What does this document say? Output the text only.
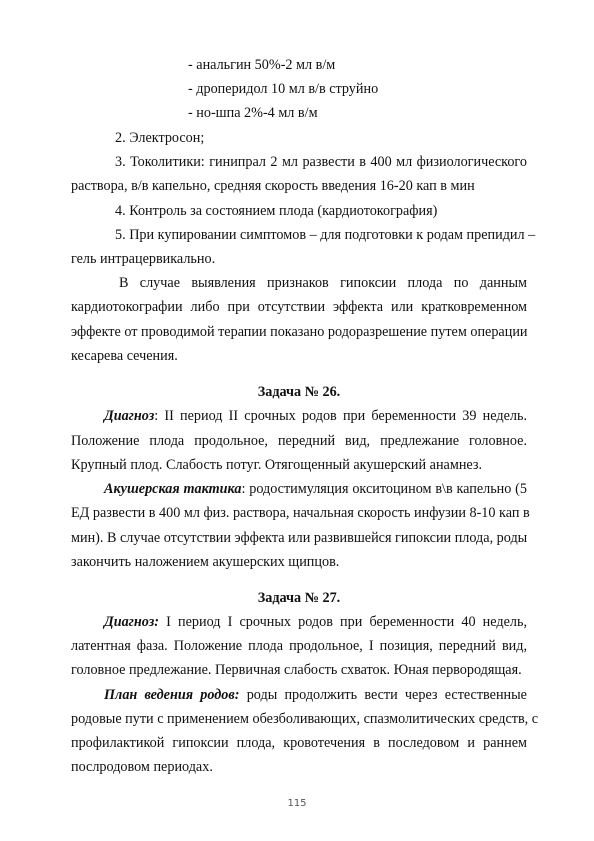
- анальгин 50%-2 мл в/м
- дроперидол 10 мл в/в струйно
- но-шпа 2%-4 мл в/м
2. Электросон;
3. Токолитики: гинипрал 2 мл развести в 400 мл физиологического
раствора, в/в капельно, средняя скорость введения 16-20 кап в мин
4. Контроль за состоянием плода (кардиотокография)
5. При купировании симптомов – для подготовки к родам препидил –
гель интрацервикально.
В случае выявления признаков гипоксии плода по данным
кардиотокографии либо при отсутствии эффекта или кратковременном
эффекте от проводимой терапии показано родоразрешение путем операции
кесарева сечения.
Задача № 26.
Диагноз: II период II срочных родов при беременности 39 недель.
Положение плода продольное, передний вид, предлежание головное.
Крупный плод. Слабость потуг. Отягощенный акушерский анамнез.
Акушерская тактика: родостимуляция окситоцином в\в капельно (5
ЕД развести в 400 мл физ. раствора, начальная скорость инфузии 8-10 кап в
мин). В случае отсутствии эффекта или развившейся гипоксии плода, роды
закончить наложением акушерских щипцов.
Задача № 27.
Диагноз: I период I срочных родов при беременности 40 недель,
латентная фаза. Положение плода продольное, I позиция, передний вид,
головное предлежание. Первичная слабость схваток. Юная первородящая.
План ведения родов: роды продолжить вести через естественные
родовые пути с применением обезболивающих, спазмолитических средств, с
профилактикой гипоксии плода, кровотечения в последовом и раннем
послродовом периодах.
115
